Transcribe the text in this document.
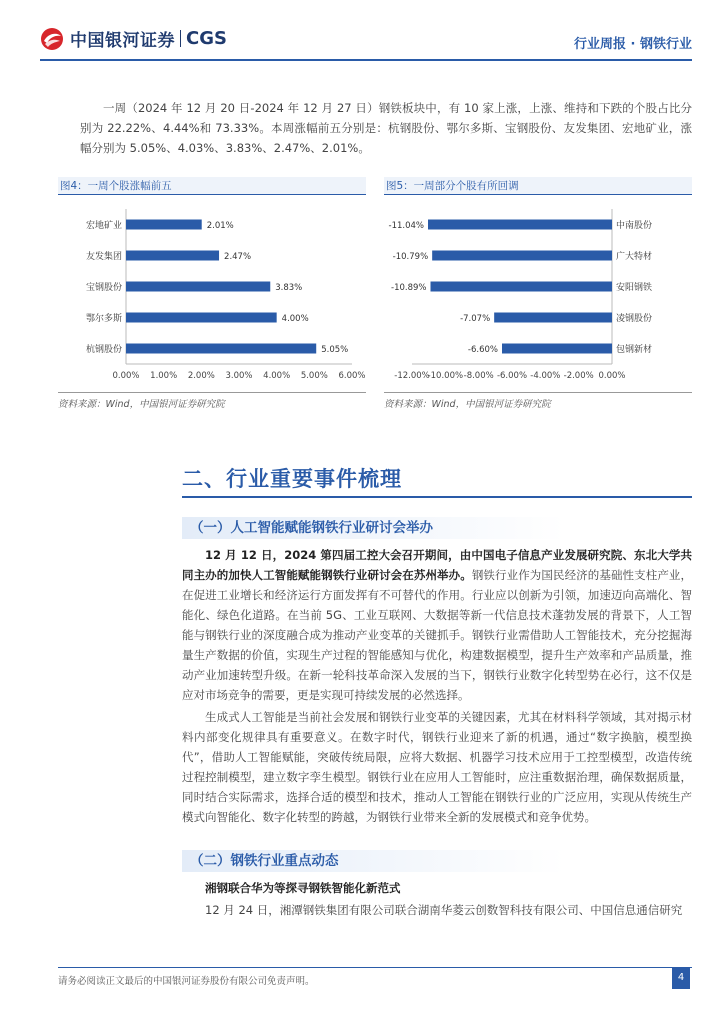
中国银河证券 CGS	行业周报 · 钢铁行业

一周（2024 年 12 月 20 日-2024 年 12 月 27 日）钢铁板块中，有 10 家上涨，上涨、维持和下跌的个股占比分别为 22.22%、4.44%和 73.33%。本周涨幅前五分别是：杭钢股份、鄂尔多斯、宝钢股份、友发集团、宏地矿业，涨幅分别为 5.05%、4.03%、3.83%、2.47%、2.01%。

图4：一周个股涨幅前五
0.00% 1.00% 2.00% 3.00% 4.00% 5.00% 6.00%
宏地矿业	2.01%
友发集团	2.47%
宝钢股份	3.83%
鄂尔多斯	4.00%
杭钢股份	5.05%
资料来源：Wind，中国银河证券研究院
图5：一周部分个股有所回调
-12.00%
-10.00% -8.00% -6.00% -4.00% -2.00% 0.00%
中南股份
-11.04%
广大特材
-10.79%
安阳钢铁
-10.89%
凌钢股份
-7.07%
包钢新材
-6.60%
资料来源：Wind，中国银河证券研究院
二、行业重要事件梳理
（一）人工智能赋能钢铁行业研讨会举办

12 月 12 日，2024 第四届工控大会召开期间，由中国电子信息产业发展研究院、东北大学共同主办的加快人工智能赋能钢铁行业研讨会在苏州举办。钢铁行业作为国民经济的基础性支柱产业，在促进工业增长和经济运行方面发挥有不可替代的作用。行业应以创新为引领，加速迈向高端化、智能化、绿色化道路。在当前 5G、工业互联网、大数据等新一代信息技术蓬勃发展的背景下，人工智能与钢铁行业的深度融合成为推动产业变革的关键抓手。钢铁行业需借助人工智能技术，充分挖掘海量生产数据的价值，实现生产过程的智能感知与优化，构建数据模型，提升生产效率和产品质量，推动产业加速转型升级。在新一轮科技革命深入发展的当下，钢铁行业数字化转型势在必行，这不仅是应对市场竞争的需要，更是实现可持续发展的必然选择。

生成式人工智能是当前社会发展和钢铁行业变革的关键因素，尤其在材料科学领域，其对揭示材料内部变化规律具有重要意义。在数字时代，钢铁行业迎来了新的机遇，通过“数字换脑，模型换代”，借助人工智能赋能，突破传统局限，应将大数据、机器学习技术应用于工控型模型，改造传统过程控制模型，建立数字孪生模型。钢铁行业在应用人工智能时，应注重数据治理，确保数据质量，同时结合实际需求，选择合适的模型和技术，推动人工智能在钢铁行业的广泛应用，实现从传统生产模式向智能化、数字化转型的跨越，为钢铁行业带来全新的发展模式和竞争优势。

（二）钢铁行业重点动态
湘钢联合华为等探寻钢铁智能化新范式

12 月 24 日，湘潭钢铁集团有限公司联合湖南华菱云创数智科技有限公司、中国信息通信研究

请务必阅读正文最后的中国银河证券股份有限公司免责声明。	4
